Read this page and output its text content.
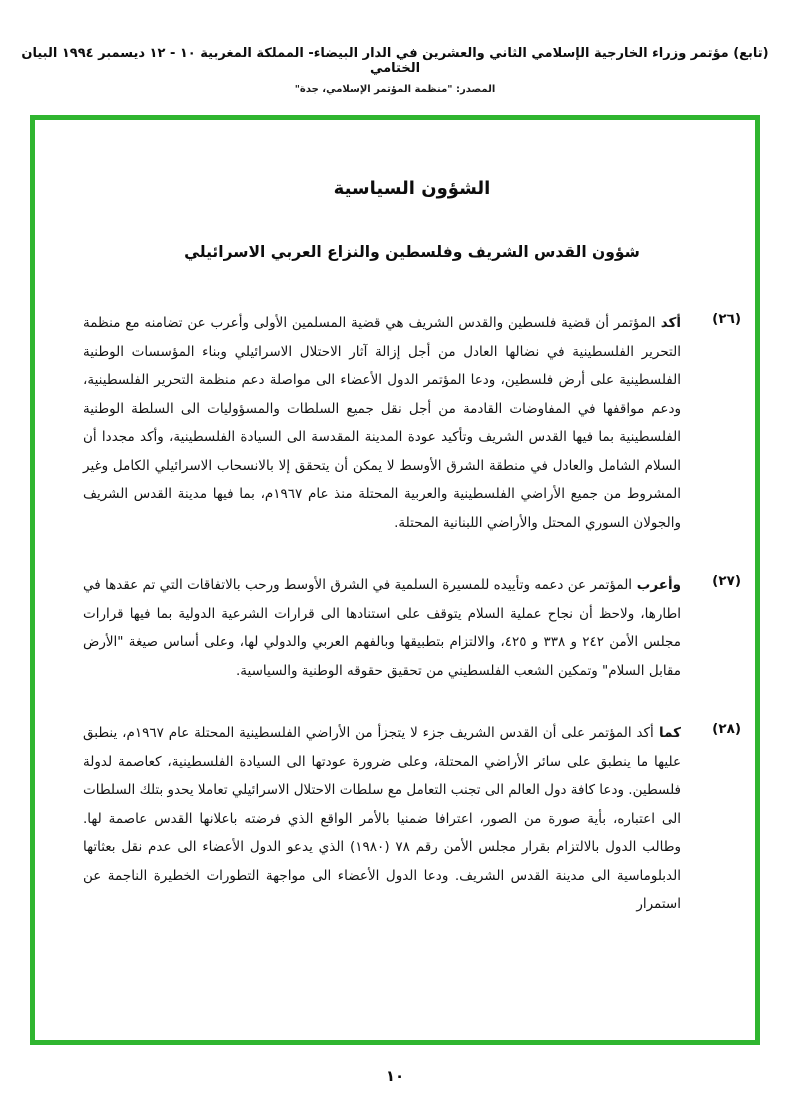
(تابع) مؤتمر وزراء الخارجية الإسلامي الثاني والعشرين في الدار البيضاء- المملكة المغربية ١٠ - ١٢ ديسمبر ١٩٩٤ البيان الختامي
المصدر: "منظمة المؤتمر الإسلامي، جدة"
الشؤون السياسية
شؤون القدس الشريف وفلسطين والنزاع العربي الاسرائيلي
(٢٦)
أكد المؤتمر أن قضية فلسطين والقدس الشريف هي قضية المسلمين الأولى وأعرب عن تضامنه مع منظمة التحرير الفلسطينية في نضالها العادل من أجل إزالة آثار الاحتلال الاسرائيلي وبناء المؤسسات الوطنية الفلسطينية على أرض فلسطين، ودعا المؤتمر الدول الأعضاء الى مواصلة دعم منظمة التحرير الفلسطينية، ودعم مواقفها في المفاوضات القادمة من أجل نقل جميع السلطات والمسؤوليات الى السلطة الوطنية الفلسطينية بما فيها القدس الشريف وتأكيد عودة المدينة المقدسة الى السيادة الفلسطينية، وأكد مجددا أن السلام الشامل والعادل في منطقة الشرق الأوسط لا يمكن أن يتحقق إلا بالانسحاب الاسرائيلي الكامل وغير المشروط من جميع الأراضي الفلسطينية والعربية المحتلة منذ عام ١٩٦٧م، بما فيها مدينة القدس الشريف والجولان السوري المحتل والأراضي اللبنانية المحتلة.
(٢٧)
وأعرب المؤتمر عن دعمه وتأييده للمسيرة السلمية في الشرق الأوسط ورحب بالاتفاقات التي تم عقدها في اطارها، ولاحظ أن نجاح عملية السلام يتوقف على استنادها الى قرارات الشرعية الدولية بما فيها قرارات مجلس الأمن ٢٤٢ و ٣٣٨ و ٤٢٥، والالتزام بتطبيقها وبالفهم العربي والدولي لها، وعلى أساس صيغة "الأرض مقابل السلام" وتمكين الشعب الفلسطيني من تحقيق حقوقه الوطنية والسياسية.
(٢٨)
كما أكد المؤتمر على أن القدس الشريف جزء لا يتجزأ من الأراضي الفلسطينية المحتلة عام ١٩٦٧م، ينطبق عليها ما ينطبق على سائر الأراضي المحتلة، وعلى ضرورة عودتها الى السيادة الفلسطينية، كعاصمة لدولة فلسطين. ودعا كافة دول العالم الى تجنب التعامل مع سلطات الاحتلال الاسرائيلي تعاملا يحدو بتلك السلطات الى اعتباره، بأية صورة من الصور، اعترافا ضمنيا بالأمر الواقع الذي فرضته باعلانها القدس عاصمة لها. وطالب الدول بالالتزام بقرار مجلس الأمن رقم ٧٨ (١٩٨٠) الذي يدعو الدول الأعضاء الى عدم نقل بعثاتها الدبلوماسية الى مدينة القدس الشريف. ودعا الدول الأعضاء الى مواجهة التطورات الخطيرة الناجمة عن استمرار
١٠
